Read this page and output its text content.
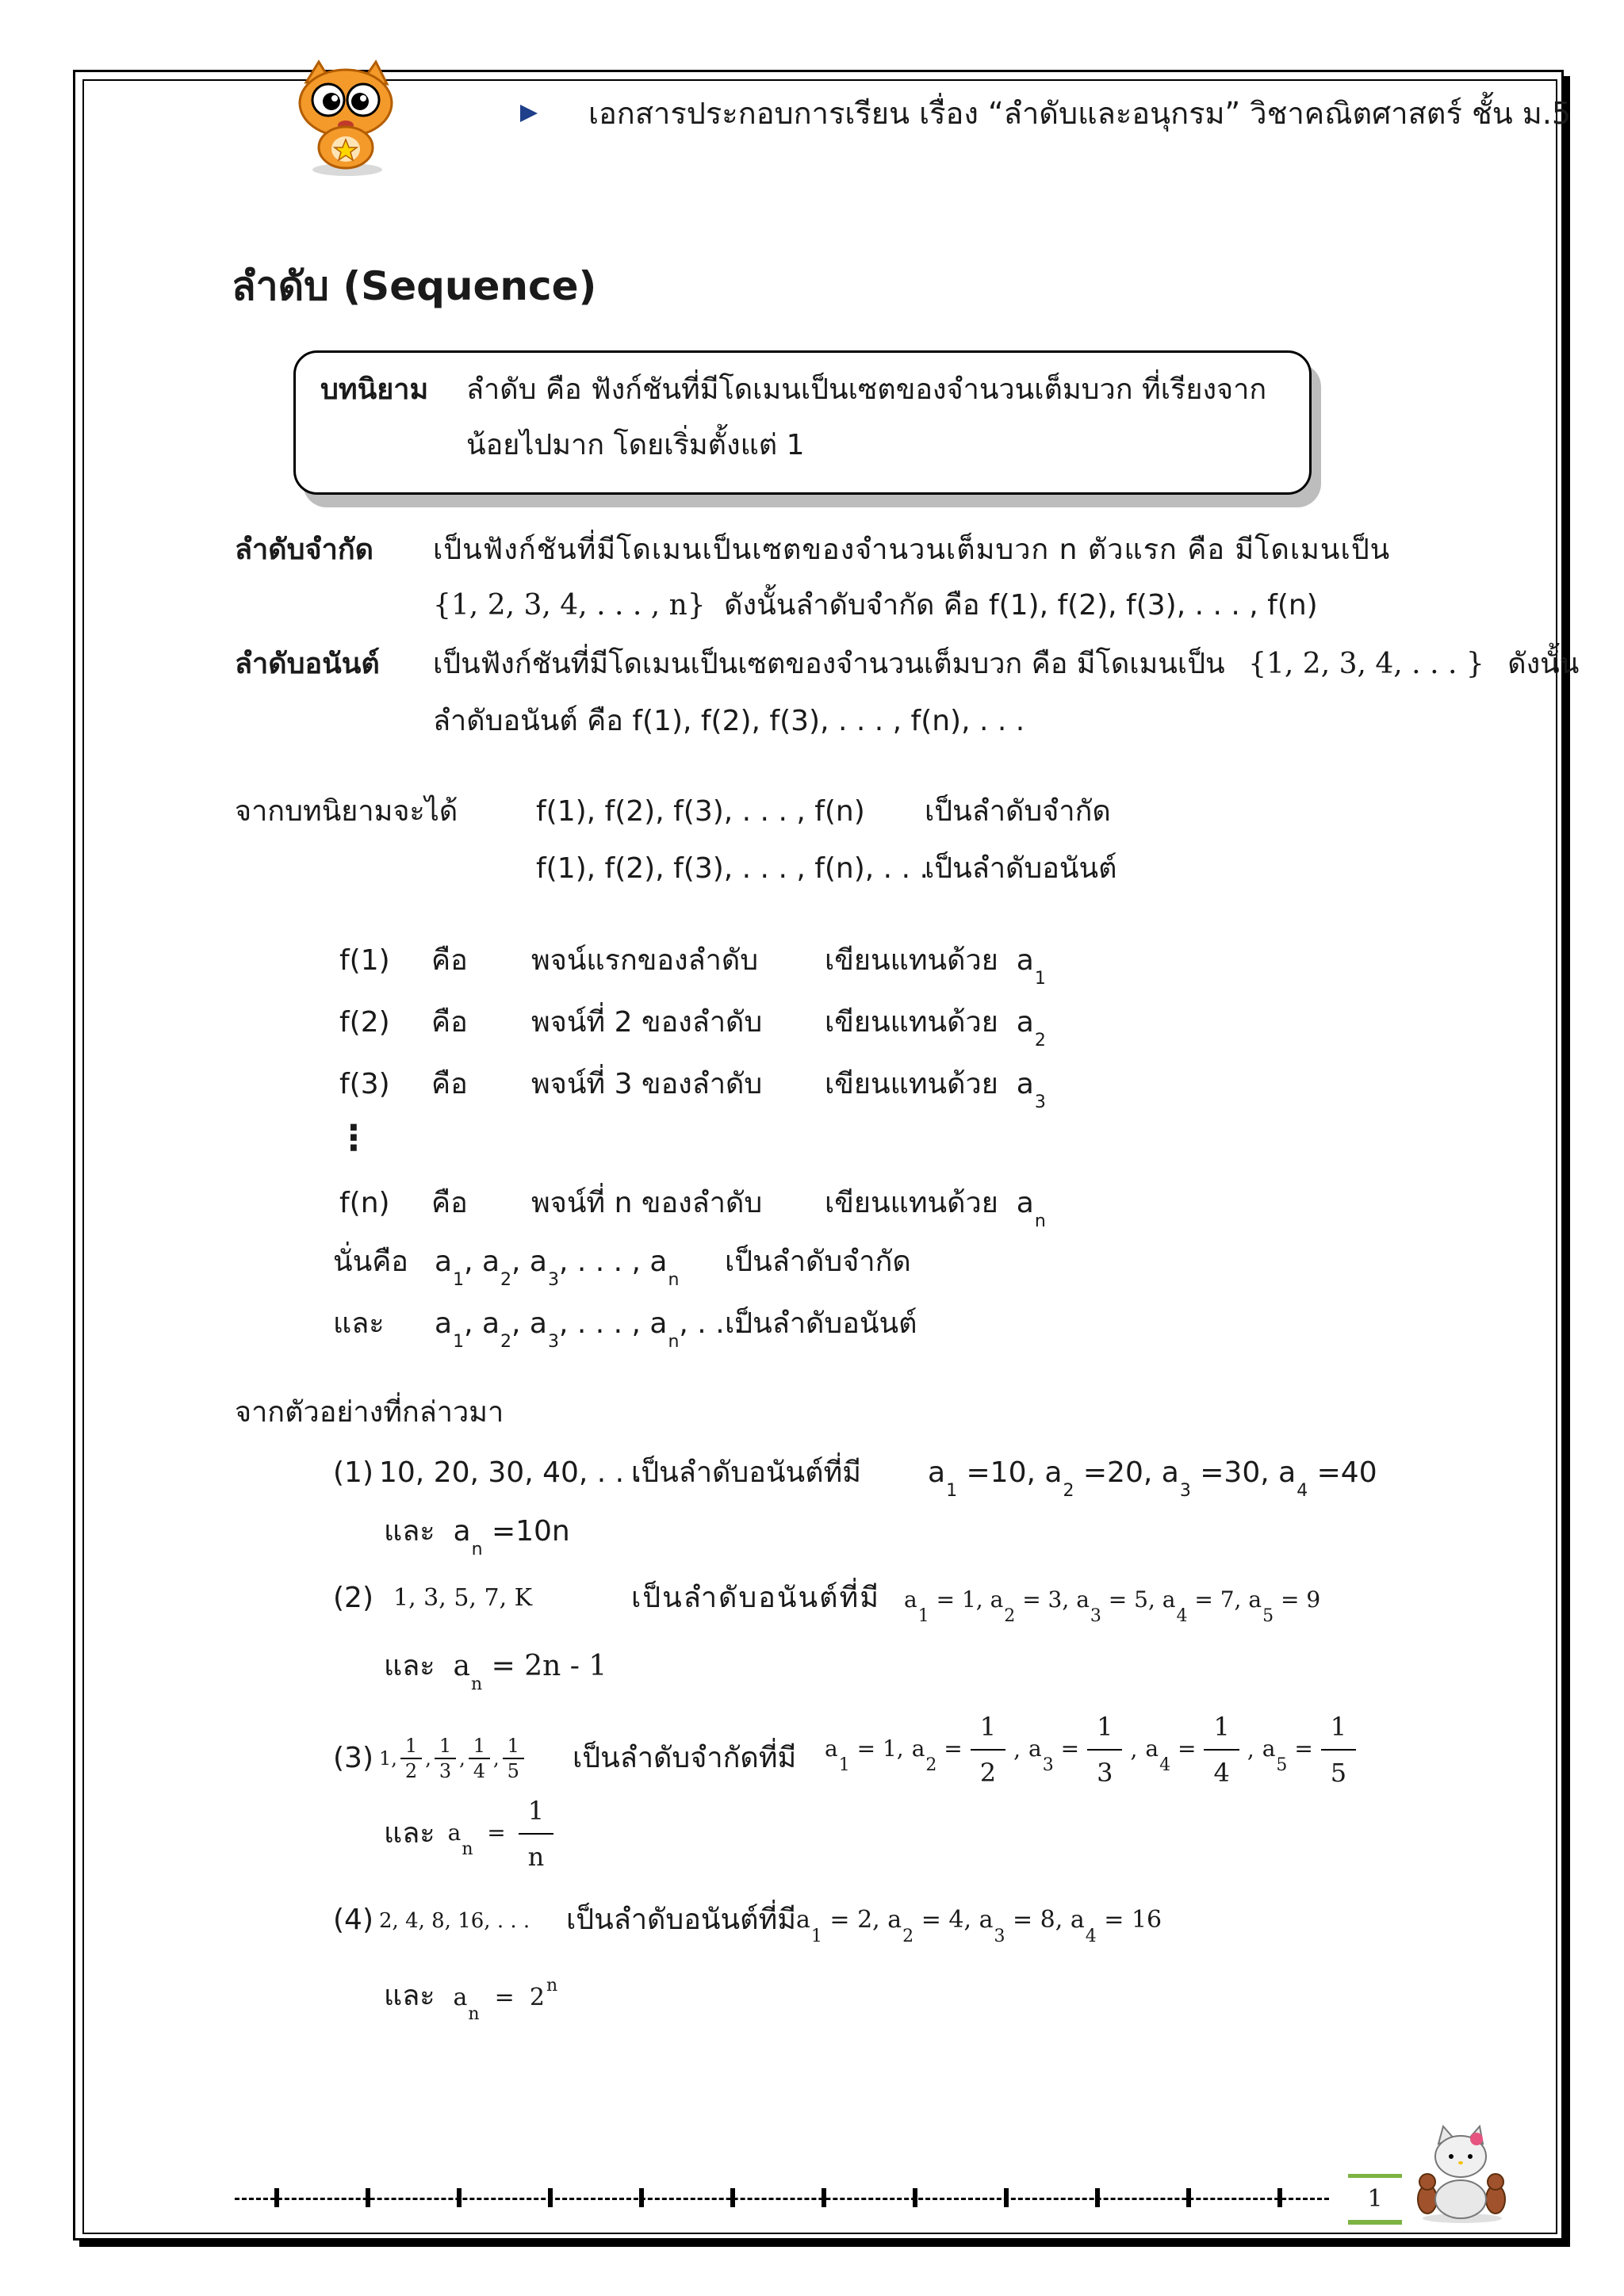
เอกสารประกอบการเรียน เรื่อง “ลำดับและอนุกรม” วิชาคณิตศาสตร์ ชั้น ม.5
ลำดับ (Sequence)
บทนิยาม ลำดับ คือ ฟังก์ชันที่มีโดเมนเป็นเซตของจำนวนเต็มบวก ที่เรียงจาก
น้อยไปมาก โดยเริ่มตั้งแต่ 1
ลำดับจำกัด เป็นฟังก์ชันที่มีโดเมนเป็นเซตของจำนวนเต็มบวก n ตัวแรก คือ มีโดเมนเป็น
{1, 2, 3, 4, . . . , n} ดังนั้นลำดับจำกัด คือ f(1), f(2), f(3), . . . , f(n)
ลำดับอนันต์ เป็นฟังก์ชันที่มีโดเมนเป็นเซตของจำนวนเต็มบวก คือ มีโดเมนเป็น {1, 2, 3, 4, . . . } ดังนั้น
ลำดับอนันต์ คือ f(1), f(2), f(3), . . . , f(n), . . .
จากบทนิยามจะได้	f(1), f(2), f(3), . . . , f(n) เป็นลำดับจำกัด
f(1), f(2), f(3), . . . , f(n), . . .
เป็นลำดับอนันต์
f(1) คือ พจน์แรกของลำดับ เขียนแทนด้วย $a_1$
f(2) คือ พจน์ที่ 2 ของลำดับ เขียนแทนด้วย $a_2$
f(3) คือ พจน์ที่ 3 ของลำดับ เขียนแทนด้วย $a_3$
⋮
f(n) คือ พจน์ที่ n ของลำดับ เขียนแทนด้วย $a_n$
นั่นคือ $a_1$, $a_2$, $a_3$, . . . , $a_n$
เป็นลำดับจำกัด
และ $a_1$, $a_2$, $a_3$, . . . , $a_n$, . . .
เป็นลำดับอนันต์
จากตัวอย่างที่กล่าวมา
(1) 10, 20, 30, 40, . . .
เป็นลำดับอนันต์ที่มี $a_1 =10$, $a_2 =20$, $a_3 =30$, $a_4 =40$
และ $a_n =10n$
(2) 1, 3, 5, 7, K	เป็นลำดับอนันต์ที่มี $a_1 = 1$, $a_2 = 3$, $a_3 = 5$, $a_4 = 7$, $a_5 = 9$
และ $a_n = 2n - 1$
(3) 1, $\frac{1}{2}$ , $\frac{1}{3}$ , $\frac{1}{4}$ , $\frac{1}{5}$ เป็นลำดับจำกัดที่มี $a_1 = 1$, $a_2 = \frac{1}{2}$ , $a_3 = \frac{1}{3}$ , $a_4 = \frac{1}{4}$ , $a_5 = \frac{1}{5}$
และ $a_n = \frac{1}{n}$
(4) 2, 4, 8, 16, . . . เป็นลำดับอนันต์ที่มี $a_1 = 2$, $a_2 = 4$, $a_3 = 8$, $a_4 = 16$
และ $a_n = 2^n$
1
